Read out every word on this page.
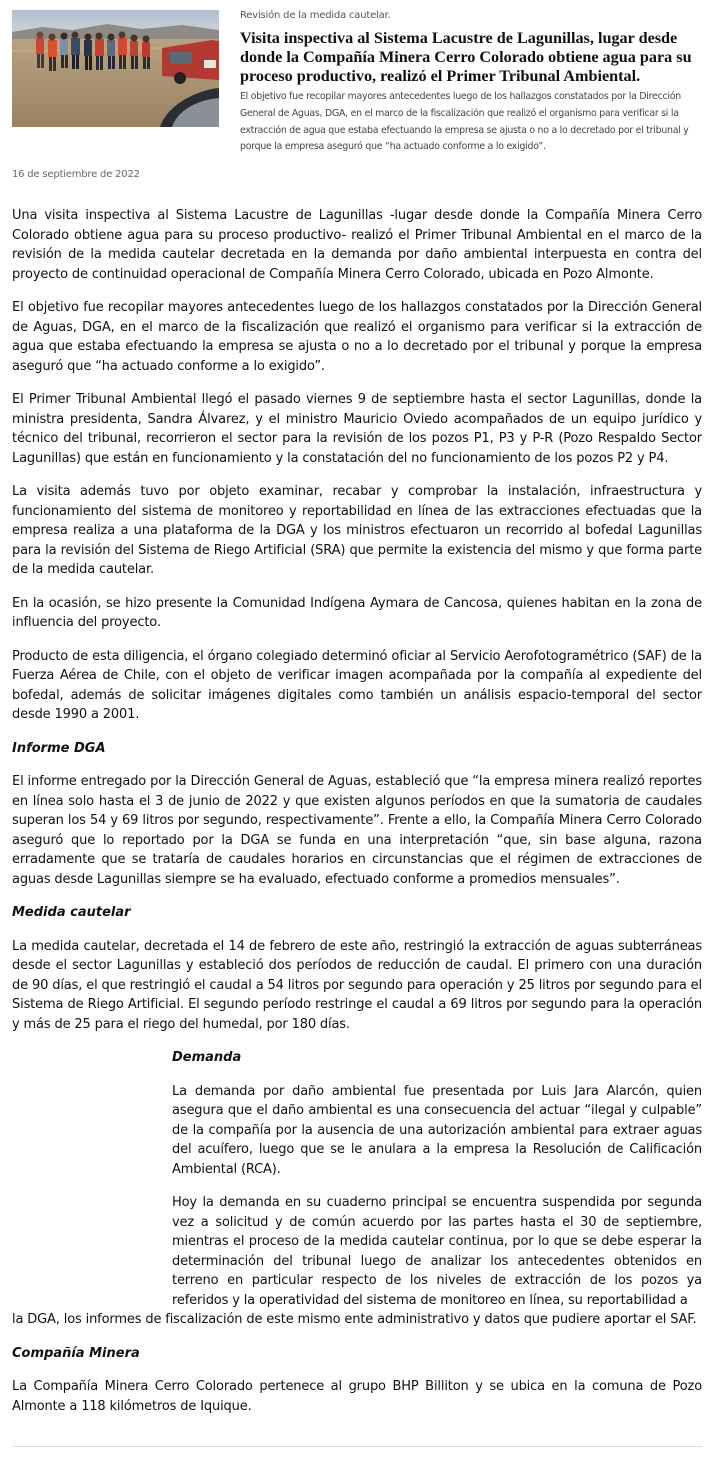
Revisión de la medida cautelar.
Visita inspectiva al Sistema Lacustre de Lagunillas, lugar desde donde la Compañía Minera Cerro Colorado obtiene agua para su proceso productivo, realizó el Primer Tribunal Ambiental.

El objetivo fue recopilar mayores antecedentes luego de los hallazgos constatados por la Dirección General de Aguas, DGA, en el marco de la fiscalización que realizó el organismo para verificar si la extracción de agua que estaba efectuando la empresa se ajusta o no a lo decretado por el tribunal y porque la empresa aseguró que “ha actuado conforme a lo exigido”.

16 de septiembre de 2022

Una visita inspectiva al Sistema Lacustre de Lagunillas -lugar desde donde la Compañía Minera Cerro Colorado obtiene agua para su proceso productivo- realizó el Primer Tribunal Ambiental en el marco de la revisión de la medida cautelar decretada en la demanda por daño ambiental interpuesta en contra del proyecto de continuidad operacional de Compañía Minera Cerro Colorado, ubicada en Pozo Almonte.

El objetivo fue recopilar mayores antecedentes luego de los hallazgos constatados por la Dirección General de Aguas, DGA, en el marco de la fiscalización que realizó el organismo para verificar si la extracción de agua que estaba efectuando la empresa se ajusta o no a lo decretado por el tribunal y porque la empresa aseguró que “ha actuado conforme a lo exigido”.

El Primer Tribunal Ambiental llegó el pasado viernes 9 de septiembre hasta el sector Lagunillas, donde la ministra presidenta, Sandra Álvarez, y el ministro Mauricio Oviedo acompañados de un equipo jurídico y técnico del tribunal, recorrieron el sector para la revisión de los pozos P1, P3 y P-R (Pozo Respaldo Sector Lagunillas) que están en funcionamiento y la constatación del no funcionamiento de los pozos P2 y P4.

La visita además tuvo por objeto examinar, recabar y comprobar la instalación, infraestructura y funcionamiento del sistema de monitoreo y reportabilidad en línea de las extracciones efectuadas que la empresa realiza a una plataforma de la DGA y los ministros efectuaron un recorrido al bofedal Lagunillas para la revisión del Sistema de Riego Artificial (SRA) que permite la existencia del mismo y que forma parte de la medida cautelar.

En la ocasión, se hizo presente la Comunidad Indígena Aymara de Cancosa, quienes habitan en la zona de influencia del proyecto.

Producto de esta diligencia, el órgano colegiado determinó oficiar al Servicio Aerofotogramétrico (SAF) de la Fuerza Aérea de Chile, con el objeto de verificar imagen acompañada por la compañía al expediente del bofedal, además de solicitar imágenes digitales como también un análisis espacio-temporal del sector desde 1990 a 2001.

Informe DGA

El informe entregado por la Dirección General de Aguas, estableció que “la empresa minera realizó reportes en línea solo hasta el 3 de junio de 2022 y que existen algunos períodos en que la sumatoria de caudales superan los 54 y 69 litros por segundo, respectivamente”. Frente a ello, la Compañía Minera Cerro Colorado aseguró que lo reportado por la DGA se funda en una interpretación “que, sin base alguna, razona erradamente que se trataría de caudales horarios en circunstancias que el régimen de extracciones de aguas desde Lagunillas siempre se ha evaluado, efectuado conforme a promedios mensuales”.

Medida cautelar

La medida cautelar, decretada el 14 de febrero de este año, restringió la extracción de aguas subterráneas desde el sector Lagunillas y estableció dos períodos de reducción de caudal. El primero con una duración de 90 días, el que restringió el caudal a 54 litros por segundo para operación y 25 litros por segundo para el Sistema de Riego Artificial. El segundo período restringe el caudal a 69 litros por segundo para la operación y más de 25 para el riego del humedal, por 180 días.

Demanda

La demanda por daño ambiental fue presentada por Luis Jara Alarcón, quien asegura que el daño ambiental es una consecuencia del actuar “ilegal y culpable” de la compañía por la ausencia de una autorización ambiental para extraer aguas del acuífero, luego que se le anulara a la empresa la Resolución de Calificación Ambiental (RCA).

Hoy la demanda en su cuaderno principal se encuentra suspendida por segunda vez a solicitud y de común acuerdo por las partes hasta el 30 de septiembre, mientras el proceso de la medida cautelar continua, por lo que se debe esperar la determinación del tribunal luego de analizar los antecedentes obtenidos en terreno en particular respecto de los niveles de extracción de los pozos ya referidos y la operatividad del sistema de monitoreo en línea, su reportabilidad a

la DGA, los informes de fiscalización de este mismo ente administrativo y datos que pudiere aportar el SAF.

Compañía Minera

La Compañía Minera Cerro Colorado pertenece al grupo BHP Billiton y se ubica en la comuna de Pozo Almonte a 118 kilómetros de Iquique.
